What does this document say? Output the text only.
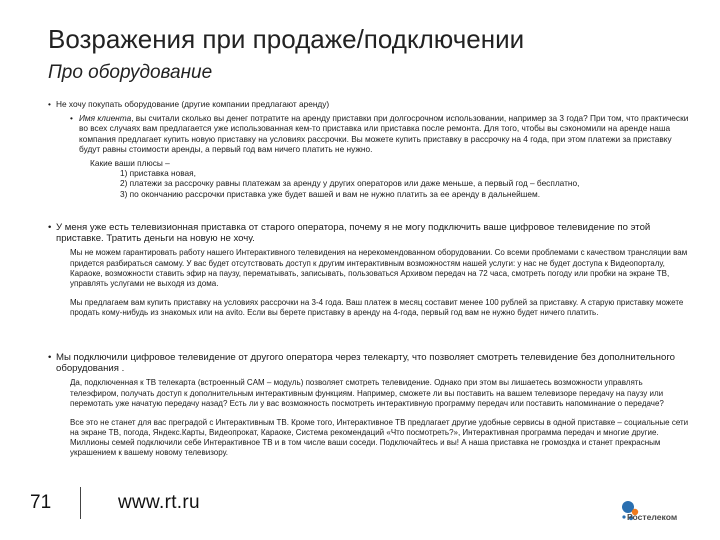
Возражения при продаже/подключении
Про оборудование
• Не хочу покупать оборудование (другие компании предлагают аренду)
• Имя клиента, вы считали сколько вы денег потратите на аренду приставки при долгосрочном использовании, например за 3 года? При том, что практически во всех случаях вам предлагается уже использованная кем-то приставка или приставка после ремонта. Для того, чтобы вы сэкономили на аренде наша компания предлагает купить новую приставку на условиях рассрочки. Вы можете купить приставку в рассрочку на 4 года, при этом платежи за приставку будут равны стоимости аренды, а первый год вам ничего платить не нужно.
Какие ваши плюсы –
1) приставка новая,
2) платежи за рассрочку равны платежам за аренду у других операторов или даже меньше, а первый год – бесплатно,
3) по окончанию рассрочки приставка уже будет вашей и вам не нужно платить за ее аренду в дальнейшем.
• У меня уже есть телевизионная приставка от старого оператора, почему я не могу подключить ваше цифровое телевидение по этой приставке. Тратить деньги на новую не хочу.
Мы не можем гарантировать работу нашего Интерактивного телевидения на нерекомендованном оборудовании. Со всеми проблемами с качеством трансляции вам придется разбираться самому. У вас будет отсутствовать доступ к другим интерактивным возможностям нашей услуги: у нас не будет доступа к Видеопорталу, Караоке, возможности ставить эфир на паузу, перематывать, записывать, пользоваться Архивом передач на 72 часа, смотреть погоду или пробки на экране ТВ, управлять услугами не выходя из дома.
Мы предлагаем вам купить приставку на условиях рассрочки на 3-4 года. Ваш платеж в месяц составит менее 100 рублей за приставку. А старую приставку можете продать кому-нибудь из знакомых или на avito. Если вы берете приставку в аренду на 4-года, первый год вам не нужно будет ничего платить.
• Мы подключили цифровое телевидение от другого оператора через телекарту, что позволяет смотреть телевидение без дополнительного оборудования .
Да, подключенная к ТВ телекарта (встроенный CAM – модуль) позволяет смотреть телевидение. Однако при этом вы лишаетесь возможности управлять телеэфиром, получать доступ к дополнительным интерактивным функциям. Например, сможете ли вы поставить на вашем телевизоре передачу на паузу или перемотать уже начатую передачу назад? Есть ли у вас возможность посмотреть интерактивную программу передач или поставить напоминание о передаче?
Все это не станет для вас преградой с Интерактивным ТВ. Кроме того, Интерактивное ТВ предлагает другие удобные сервисы в одной приставке – социальные сети на экране ТВ, погода, Яндекс.Карты, Видеопрокат, Караоке, Система рекомендаций «Что посмотреть?», Интерактивная программа передач и многие другие. Миллионы семей подключили себе Интерактивное ТВ и в том числе ваши соседи. Подключайтесь и вы! А наша приставка не громоздка и станет прекрасным украшением к вашему новому телевизору.
71	www.rt.ru
Ростелеком
